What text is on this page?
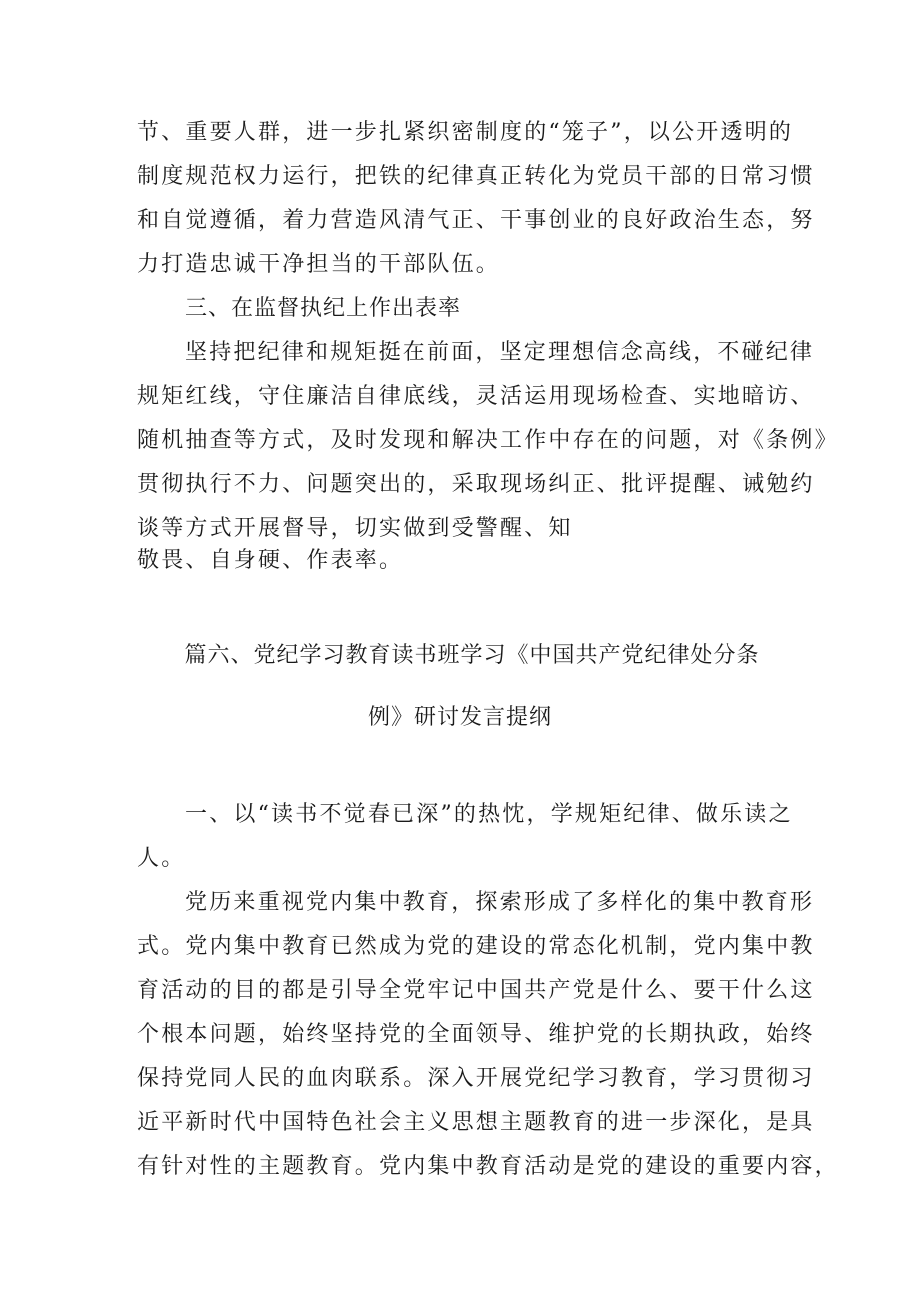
节、重要人群，进一步扎紧织密制度的“笼子”，以公开透明的
制度规范权力运行，把铁的纪律真正转化为党员干部的日常习惯
和自觉遵循，着力营造风清气正、干事创业的良好政治生态，努
力打造忠诚干净担当的干部队伍。
三、在监督执纪上作出表率
坚持把纪律和规矩挺在前面，坚定理想信念高线，不碰纪律
规矩红线，守住廉洁自律底线，灵活运用现场检查、实地暗访、
随机抽查等方式，及时发现和解决工作中存在的问题，对《条例》
贯彻执行不力、问题突出的，采取现场纠正、批评提醒、诫勉约
谈等方式开展督导，切实做到受警醒、知
敬畏、自身硬、作表率。
篇六、党纪学习教育读书班学习《中国共产党纪律处分条
例》研讨发言提纲
一、以“读书不觉春已深”的热忱，学规矩纪律、做乐读之
人。
党历来重视党内集中教育，探索形成了多样化的集中教育形
式。党内集中教育已然成为党的建设的常态化机制，党内集中教
育活动的目的都是引导全党牢记中国共产党是什么、要干什么这
个根本问题，始终坚持党的全面领导、维护党的长期执政，始终
保持党同人民的血肉联系。深入开展党纪学习教育，学习贯彻习
近平新时代中国特色社会主义思想主题教育的进一步深化，是具
有针对性的主题教育。党内集中教育活动是党的建设的重要内容，
